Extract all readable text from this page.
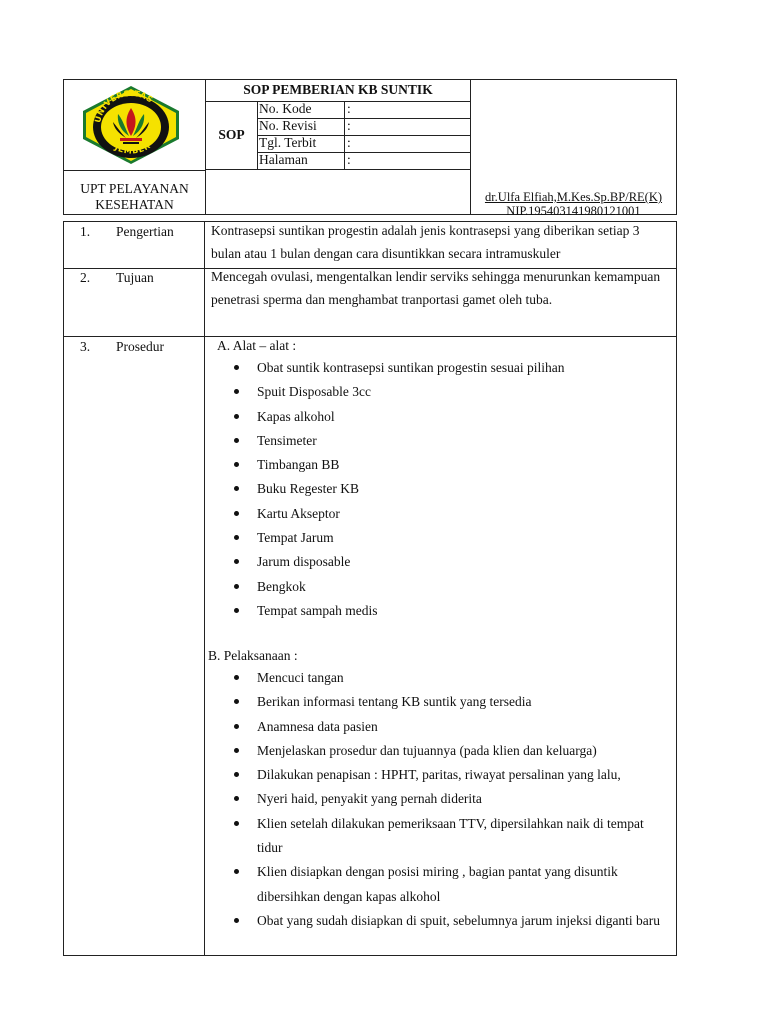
UNIVERSITAS
JEMBER
SOP PEMBERIAN KB SUNTIK
SOP
No. Kode	:
No. Revisi :
Tgl. Terbit :
Halaman	:
UPT PELAYANAN
KESEHATAN	dr.Ulfa Elfiah,M.Kes.Sp.BP/RE(K)
NIP.195403141980121001
1. Pengertian	Kontrasepsi suntikan progestin adalah jenis kontrasepsi yang diberikan setiap 3 bulan atau 1 bulan dengan cara disuntikkan secara intramuskuler
2. Tujuan	Mencegah ovulasi, mengentalkan lendir serviks sehingga menurunkan kemampuan penetrasi sperma dan menghambat tranportasi gamet oleh tuba.
3. Prosedur	A. Alat – alat :
Obat suntik kontrasepsi suntikan progestin sesuai pilihan
Spuit Disposable 3cc
Kapas alkohol
Tensimeter
Timbangan BB
Buku Regester KB
Kartu Akseptor
Tempat Jarum
Jarum disposable
Bengkok
Tempat sampah medis
B. Pelaksanaan :
Mencuci tangan
Berikan informasi tentang KB suntik yang tersedia
Anamnesa data pasien
Menjelaskan prosedur dan tujuannya (pada klien dan keluarga)
Dilakukan penapisan : HPHT, paritas, riwayat persalinan yang lalu,
Nyeri haid, penyakit yang pernah diderita
Klien setelah dilakukan pemeriksaan TTV, dipersilahkan naik di tempat tidur
Klien disiapkan dengan posisi miring , bagian pantat yang disuntik dibersihkan dengan kapas alkohol
Obat yang sudah disiapkan di spuit, sebelumnya jarum injeksi diganti baru
